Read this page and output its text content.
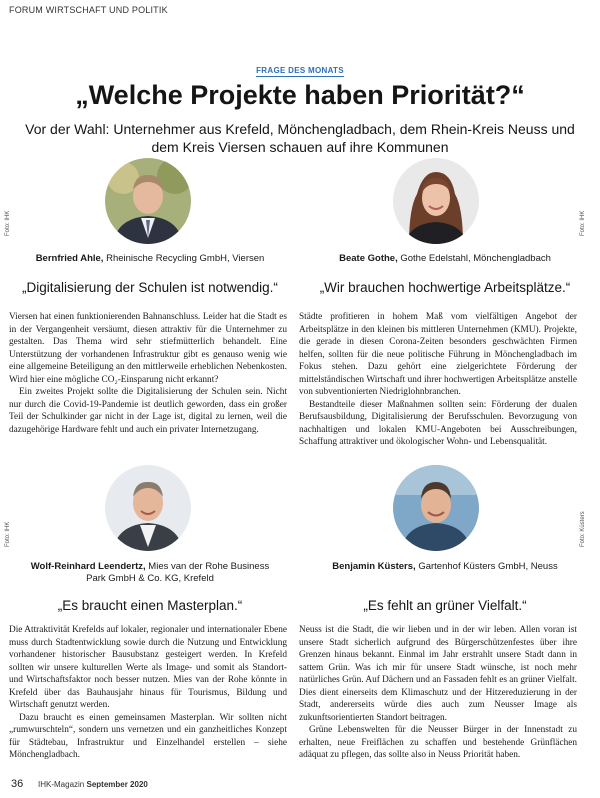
FORUM WIRTSCHAFT UND POLITIK
FRAGE DES MONATS
„Welche Projekte haben Priorität?“
Vor der Wahl: Unternehmer aus Krefeld, Mönchengladbach, dem Rhein-Kreis Neuss und dem Kreis Viersen schauen auf ihre Kommunen
Foto: IHK	Foto: IHK
Foto: IHK	Foto: Küsters
Bernfried Ahle, Rheinische Recycling GmbH, Viersen
„Digitalisierung der Schulen ist notwendig.“

Viersen hat einen funktionierenden Bahnanschluss. Leider hat die Stadt es in der Vergangenheit versäumt, diesen attraktiv für die Unternehmer zu gestalten. Das Thema wird sehr stiefmütterlich behandelt. Eine Unterstützung der vorhandenen Infrastruktur gibt es genauso wenig wie eine allgemeine Beteiligung an den mittlerweile erheblichen Nebenkosten. Wird hier eine mögliche CO₂-Einsparung nicht erkannt?

Ein zweites Projekt sollte die Digitalisierung der Schulen sein. Nicht nur durch die Covid-19-Pandemie ist deutlich geworden, dass ein großer Teil der Schulkinder gar nicht in der Lage ist, digital zu lernen, weil die dazugehörige Hardware fehlt und auch ein privater Internetzugang.

Beate Gothe, Gothe Edelstahl, Mönchengladbach
„Wir brauchen hochwertige Arbeitsplätze.“

Städte profitieren in hohem Maß vom vielfältigen Angebot der Arbeitsplätze in den kleinen bis mittleren Unternehmen (KMU). Projekte, die gerade in diesen Corona-Zeiten besonders geschwächten Firmen helfen, sollten für die neue politische Führung in Mönchengladbach im Fokus stehen. Dazu gehört eine zielgerichtete Förderung der mittelständischen Wirtschaft und ihrer hochwertigen Arbeitsplätze anstelle von subventionierten Niedriglohnbranchen.

Bestandteile dieser Maßnahmen sollten sein: Förderung der dualen Berufsausbildung, Digitalisierung der Berufsschulen. Bevorzugung von nachhaltigen und lokalen KMU-Angeboten bei Ausschreibungen, Schaffung attraktiver und ökologischer Wohn- und Lebensqualität.

Wolf-Reinhard Leendertz, Mies van der Rohe Business Park GmbH & Co. KG, Krefeld
„Es braucht einen Masterplan.“

Die Attraktivität Krefelds auf lokaler, regionaler und internationaler Ebene muss durch Stadtentwicklung sowie durch die Nutzung und Entwicklung vorhandener historischer Bausubstanz gesteigert werden. In Krefeld sollten wir unsere kulturellen Werte als Image- und somit als Standort- und Wirtschaftsfaktor noch besser nutzen. Mies van der Rohe könnte in Krefeld über das Bauhausjahr hinaus für Tourismus, Bildung und Wirtschaft genutzt werden.

Dazu braucht es einen gemeinsamen Masterplan. Wir sollten nicht „rumwurschteln“, sondern uns vernetzen und ein ganzheitliches Konzept für Städtebau, Infrastruktur und Einzelhandel erstellen – siehe Mönchengladbach.

Benjamin Küsters, Gartenhof Küsters GmbH, Neuss
„Es fehlt an grüner Vielfalt.“

Neuss ist die Stadt, die wir lieben und in der wir leben. Allen voran ist unsere Stadt sicherlich aufgrund des Bürgerschützenfestes über ihre Grenzen hinaus bekannt. Einmal im Jahr erstrahlt unsere Stadt dann in sattem Grün. Was ich mir für unsere Stadt wünsche, ist noch mehr natürliches Grün. Auf Dächern und an Fassaden fehlt es an grüner Vielfalt. Dies dient einerseits dem Klimaschutz und der Hitzereduzierung in der Stadt, andererseits würde dies auch zum Neusser Image als zukunftsorientierten Standort beitragen.

Grüne Lebenswelten für die Neusser Bürger in der Innenstadt zu erhalten, neue Freiflächen zu schaffen und bestehende Grünflächen adäquat zu pflegen, das sollte also in Neuss Priorität haben.

36 IHK-Magazin September 2020
